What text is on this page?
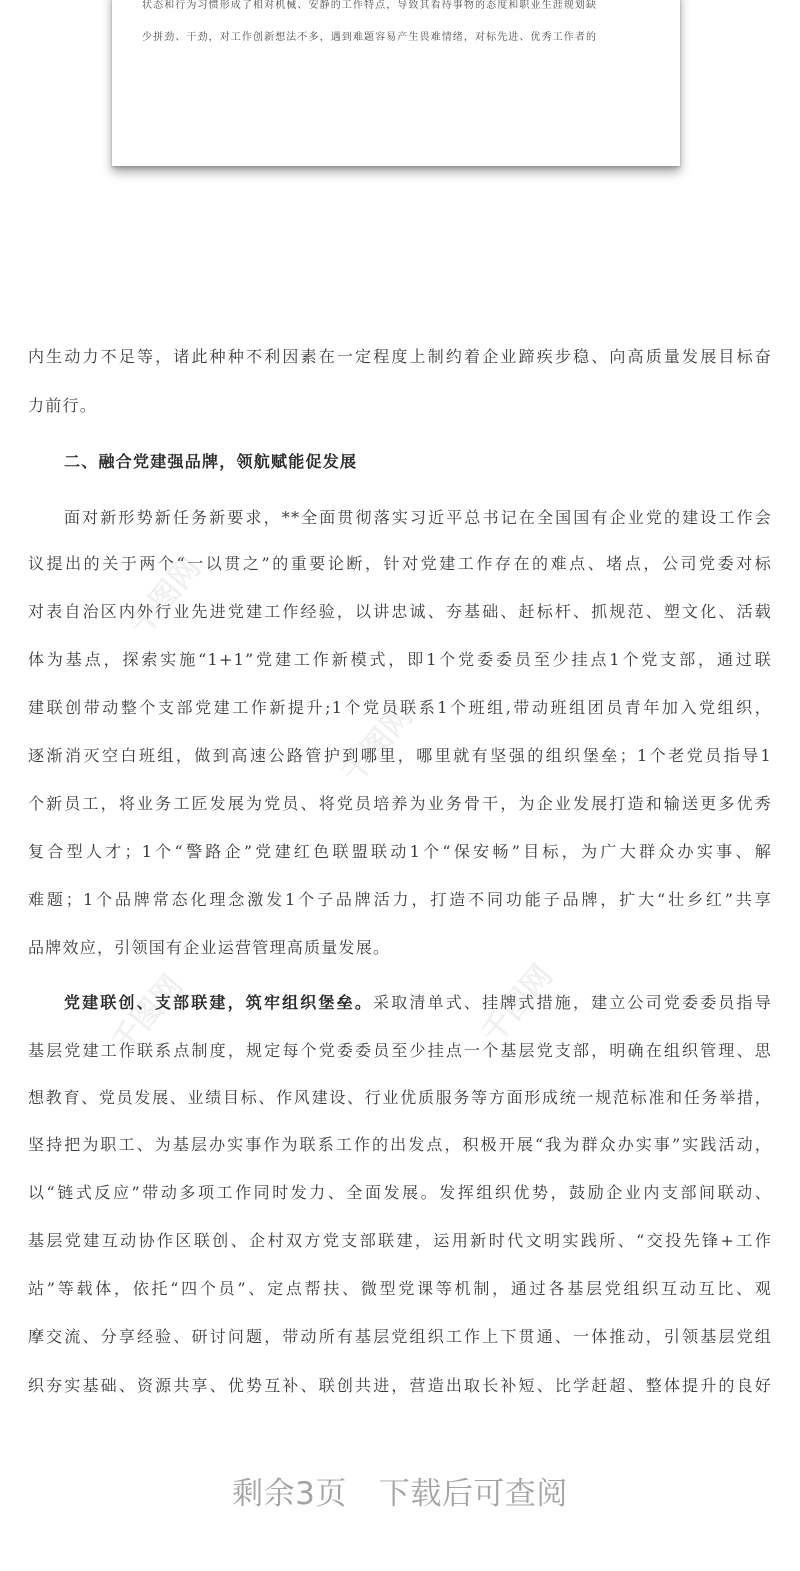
状态和行为习惯形成了相对机械、安静的工作特点，导致其看待事物的态度和职业生涯规划缺
少拼劲、干劲，对工作创新想法不多，遇到难题容易产生畏难情绪，对标先进、优秀工作者的
千图网
千图网
千图网	千图网
内生动力不足等，诸此种种不利因素在一定程度上制约着企业蹄疾步稳、向高质量发展目标奋
力前行。
二、融合党建强品牌，领航赋能促发展
面对新形势新任务新要求，**全面贯彻落实习近平总书记在全国国有企业党的建设工作会
议提出的关于两个“一以贯之”的重要论断，针对党建工作存在的难点、堵点，公司党委对标
对表自治区内外行业先进党建工作经验，以讲忠诚、夯基础、赶标杆、抓规范、塑文化、活载
体为基点，探索实施“1+1”党建工作新模式，即1个党委委员至少挂点1个党支部，通过联
建联创带动整个支部党建工作新提升;1个党员联系1个班组,带动班组团员青年加入党组织，
逐渐消灭空白班组，做到高速公路管护到哪里，哪里就有坚强的组织堡垒；1个老党员指导1
个新员工，将业务工匠发展为党员、将党员培养为业务骨干，为企业发展打造和输送更多优秀
复合型人才；1个“警路企”党建红色联盟联动1个“保安畅”目标，为广大群众办实事、解
难题；1个品牌常态化理念激发1个子品牌活力，打造不同功能子品牌，扩大“壮乡红”共享
品牌效应，引领国有企业运营管理高质量发展。
党建联创、支部联建，筑牢组织堡垒。采取清单式、挂牌式措施，建立公司党委委员指导
基层党建工作联系点制度，规定每个党委委员至少挂点一个基层党支部，明确在组织管理、思
想教育、党员发展、业绩目标、作风建设、行业优质服务等方面形成统一规范标准和任务举措，
坚持把为职工、为基层办实事作为联系工作的出发点，积极开展“我为群众办实事”实践活动，
以“链式反应”带动多项工作同时发力、全面发展。发挥组织优势，鼓励企业内支部间联动、
基层党建互动协作区联创、企村双方党支部联建，运用新时代文明实践所、“交投先锋+工作
站”等载体，依托“四个员”、定点帮扶、微型党课等机制，通过各基层党组织互动互比、观
摩交流、分享经验、研讨问题，带动所有基层党组织工作上下贯通、一体推动，引领基层党组
织夯实基础、资源共享、优势互补、联创共进，营造出取长补短、比学赶超、整体提升的良好
剩余3页 下载后可查阅
